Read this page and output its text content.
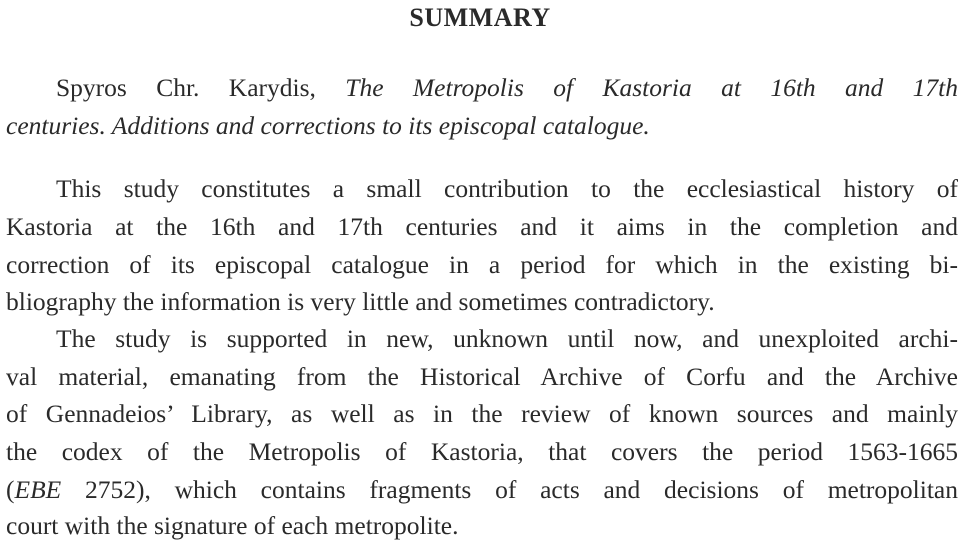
SUMMARY

Spyros Chr. Karydis, The Metropolis of Kastoria at 16th and 17th

centuries. Additions and corrections to its episcopal catalogue.

This study constitutes a small contribution to the ecclesiastical history of

Kastoria at the 16th and 17th centuries and it aims in the completion and

correction of its episcopal catalogue in a period for which in the existing bi-

bliography the information is very little and sometimes contradictory.

The study is supported in new, unknown until now, and unexploited archi-

val material, emanating from the Historical Archive of Corfu and the Archive

of Gennadeios’ Library, as well as in the review of known sources and mainly

the codex of the Metropolis of Kastoria, that covers the period 1563-1665

(EBE 2752), which contains fragments of acts and decisions of metropolitan

court with the signature of each metropolite.
